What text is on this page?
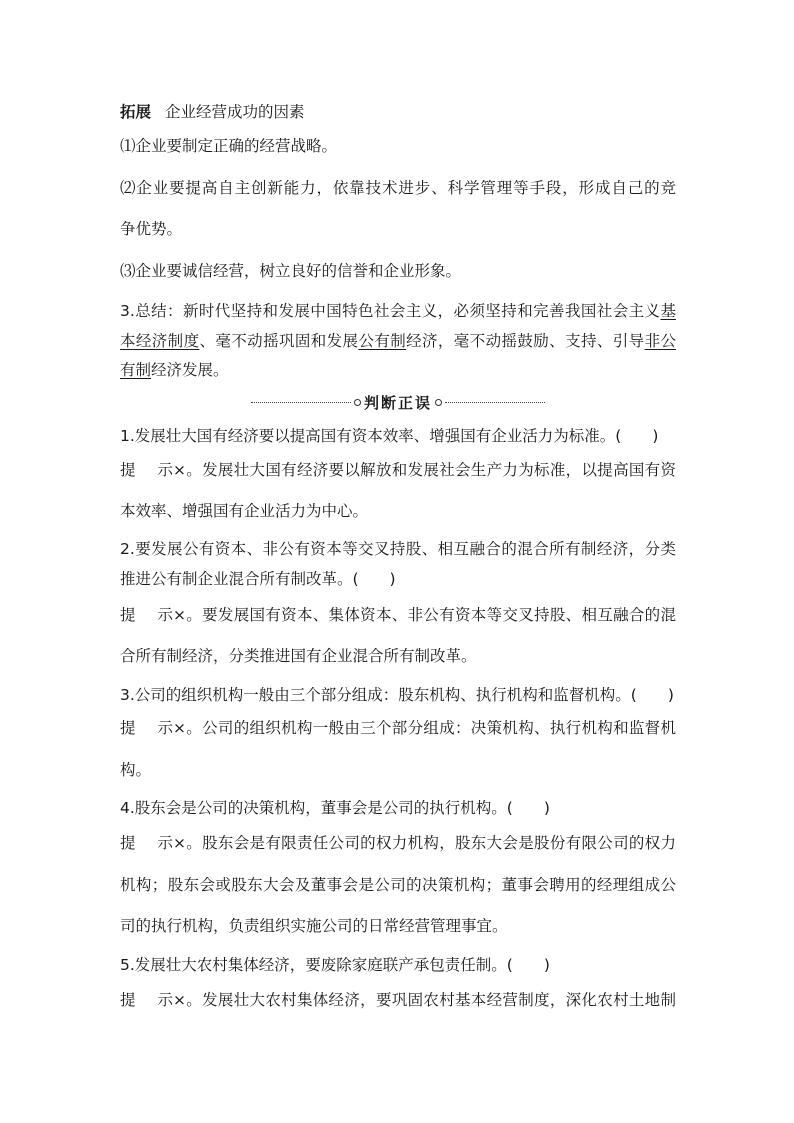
拓展 企业经营成功的因素
⑴企业要制定正确的经营战略。
⑵企业要提高自主创新能力，依靠技术进步、科学管理等手段，形成自己的竞
争优势。
⑶企业要诚信经营，树立良好的信誉和企业形象。
3.总结：新时代坚持和发展中国特色社会主义，必须坚持和完善我国社会主义基
本经济制度、毫不动摇巩固和发展公有制经济，毫不动摇鼓励、支持、引导非公
有制经济发展。
判断正误
1.发展壮大国有经济要以提高国有资本效率、增强国有企业活力为标准。(　　)
提示×。发展壮大国有经济要以解放和发展社会生产力为标准，以提高国有资
本效率、增强国有企业活力为中心。
2.要发展公有资本、非公有资本等交叉持股、相互融合的混合所有制经济，分类
推进公有制企业混合所有制改革。(　　)
提示×。要发展国有资本、集体资本、非公有资本等交叉持股、相互融合的混
合所有制经济，分类推进国有企业混合所有制改革。
3.公司的组织机构一般由三个部分组成：股东机构、执行机构和监督机构。(　　)
提示×。公司的组织机构一般由三个部分组成：决策机构、执行机构和监督机
构。
4.股东会是公司的决策机构，董事会是公司的执行机构。(　　)
提示×。股东会是有限责任公司的权力机构，股东大会是股份有限公司的权力
机构；股东会或股东大会及董事会是公司的决策机构；董事会聘用的经理组成公
司的执行机构，负责组织实施公司的日常经营管理事宜。
5.发展壮大农村集体经济，要废除家庭联产承包责任制。(　　)
提示×。发展壮大农村集体经济，要巩固农村基本经营制度，深化农村土地制
